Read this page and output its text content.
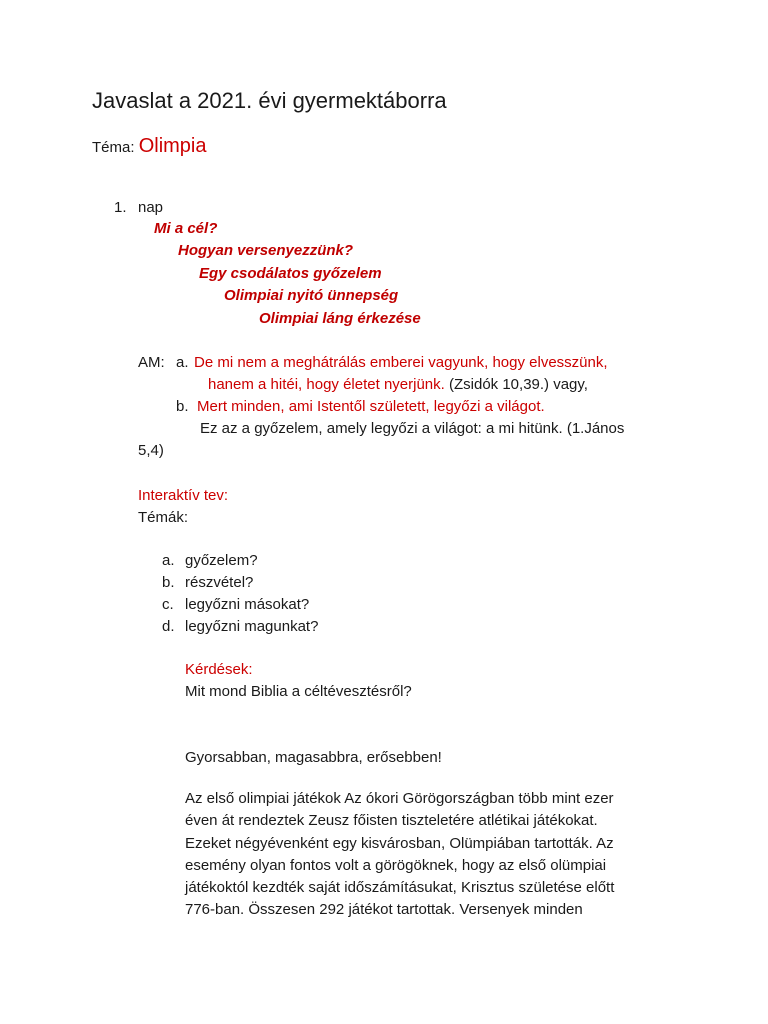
Javaslat a 2021. évi gyermektáborra
Téma: Olimpia
1. nap
Mi a cél?
Hogyan versenyezzünk?
Egy csodálatos győzelem
Olimpiai nyitó ünnepség
Olimpiai láng érkezése
AM: a. De mi nem a meghátrálás emberei vagyunk, hogy elvesszünk,
hanem a hitéi, hogy életet nyerjünk. (Zsidók 10,39.) vagy,
b. Mert minden, ami Istentől született, legyőzi a világot.
Ez az a győzelem, amely legyőzi a világot: a mi hitünk. (1.János
5,4)
Interaktív tev:
Témák:
a. győzelem?
b. részvétel?
c. legyőzni másokat?
d. legyőzni magunkat?
Kérdések:
Mit mond Biblia a céltévesztésről?
Gyorsabban, magasabbra, erősebben!
Az első olimpiai játékok Az ókori Görögországban több mint ezer
éven át rendeztek Zeusz főisten tiszteletére atlétikai játékokat.
Ezeket négyévenként egy kisvárosban, Olümpiában tartották. Az
esemény olyan fontos volt a görögöknek, hogy az első olümpiai
játékoktól kezdték saját időszámításukat, Krisztus születése előtt
776-ban. Összesen 292 játékot tartottak. Versenyek minden
